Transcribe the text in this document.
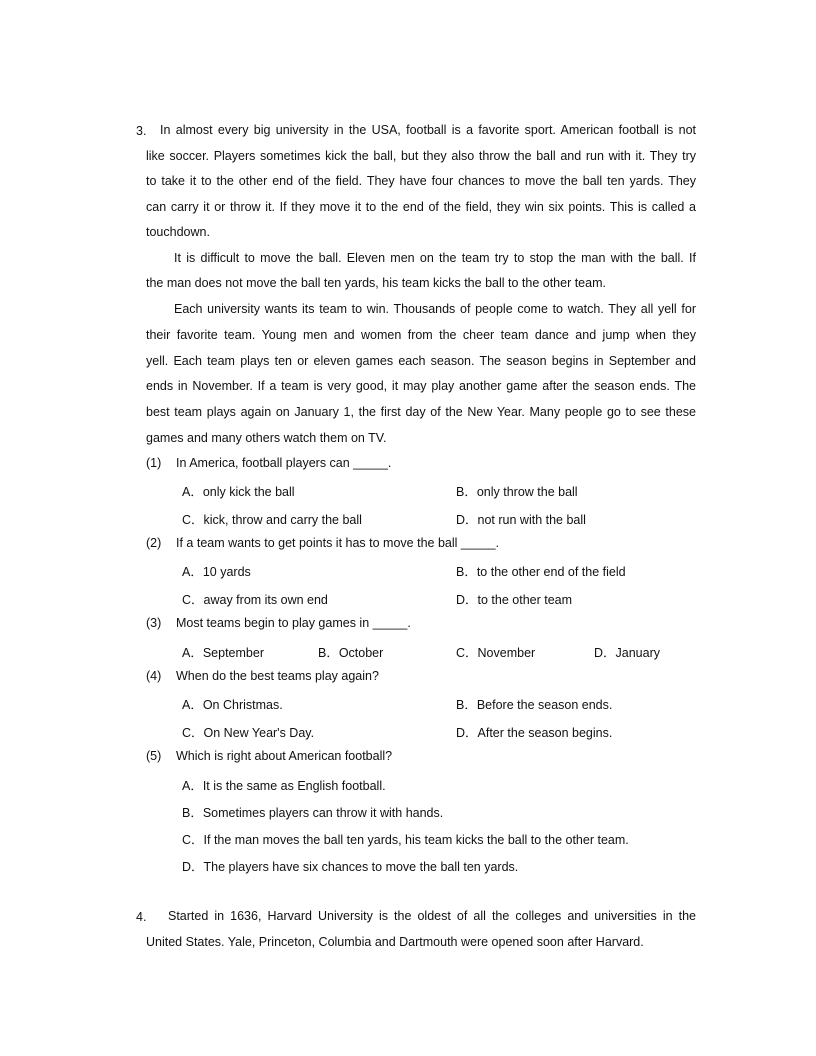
3. In almost every big university in the USA, football is a favorite sport. American football is not
like soccer. Players sometimes kick the ball, but they also throw the ball and run with it. They try
to take it to the other end of the field. They have four chances to move the ball ten yards. They
can carry it or throw it. If they move it to the end of the field, they win six points. This is called a
touchdown.
It is difficult to move the ball. Eleven men on the team try to stop the man with the ball. If
the man does not move the ball ten yards, his team kicks the ball to the other team.
Each university wants its team to win. Thousands of people come to watch. They all yell for
their favorite team. Young men and women from the cheer team dance and jump when they
yell. Each team plays ten or eleven games each season. The season begins in September and
ends in November. If a team is very good, it may play another game after the season ends. The
best team plays again on January 1, the first day of the New Year. Many people go to see these
games and many others watch them on TV.
(1) In America, football players can _____.
A．only kick the ball	B．only throw the ball
C．kick, throw and carry the ball	D．not run with the ball
(2) If a team wants to get points it has to move the ball _____.
A．10 yards	B．to the other end of the field
C．away from its own end	D．to the other team
(3) Most teams begin to play games in _____.
A．September	B．October	C．November	D．January
(4) When do the best teams play again?
A．On Christmas.	B．Before the season ends.
C．On New Year's Day.	D．After the season begins.
(5) Which is right about American football?
A．It is the same as English football.
B．Sometimes players can throw it with hands.
C．If the man moves the ball ten yards, his team kicks the ball to the other team.
D．The players have six chances to move the ball ten yards.
4. Started in 1636, Harvard University is the oldest of all the colleges and universities in the
United States. Yale, Princeton, Columbia and Dartmouth were opened soon after Harvard.
